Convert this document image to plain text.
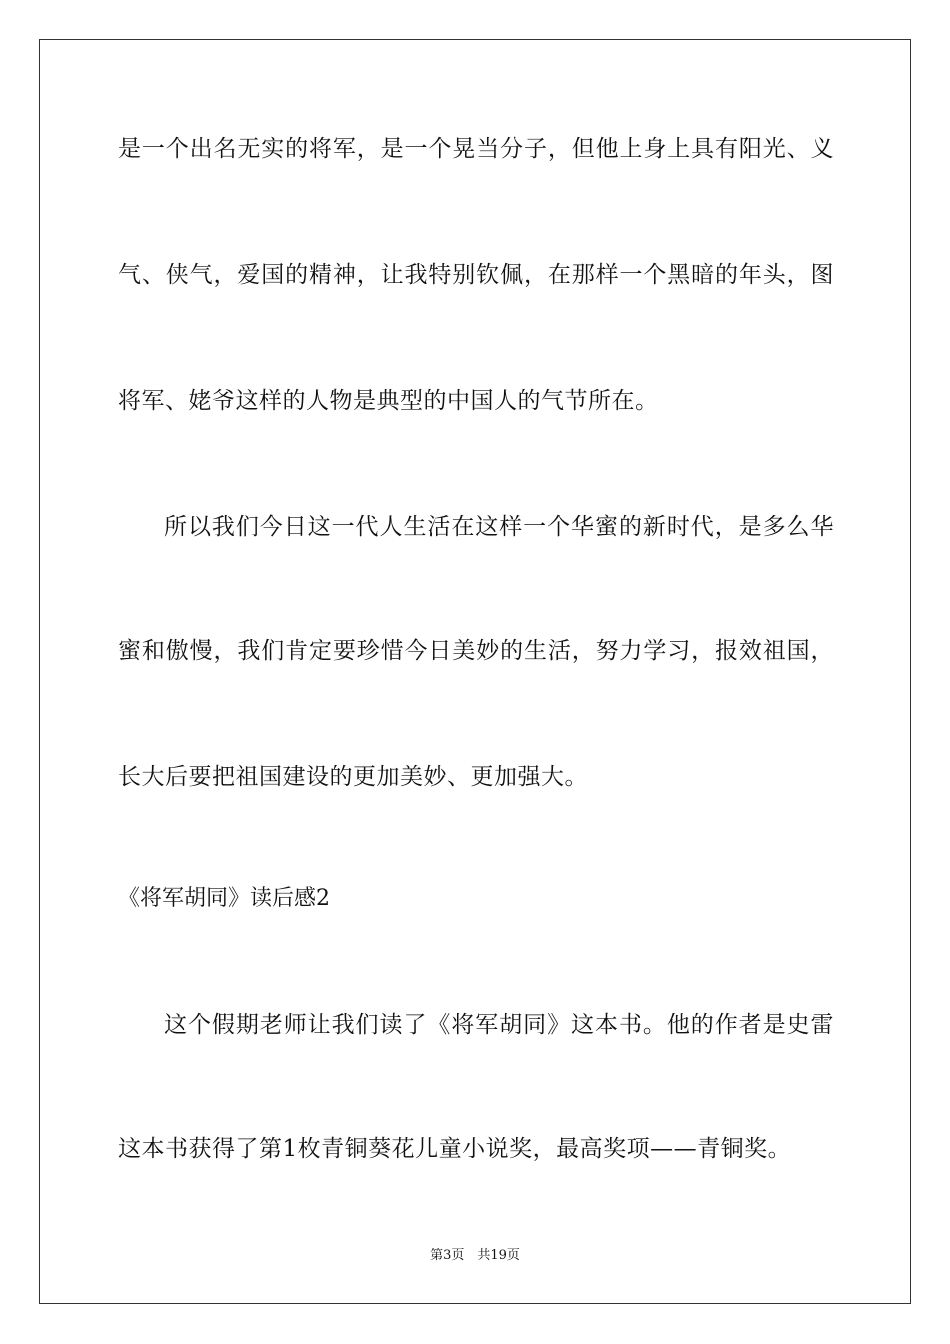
是一个出名无实的将军，是一个晃当分子，但他上身上具有阳光、义
气、侠气，爱国的精神，让我特别钦佩，在那样一个黑暗的年头，图
将军、姥爷这样的人物是典型的中国人的气节所在。
所以我们今日这一代人生活在这样一个华蜜的新时代，是多么华
蜜和傲慢，我们肯定要珍惜今日美妙的生活，努力学习，报效祖国，
长大后要把祖国建设的更加美妙、更加强大。
《将军胡同》读后感2
这个假期老师让我们读了《将军胡同》这本书。他的作者是史雷
这本书获得了第1枚青铜葵花儿童小说奖，最高奖项——青铜奖。
第3页　共19页
